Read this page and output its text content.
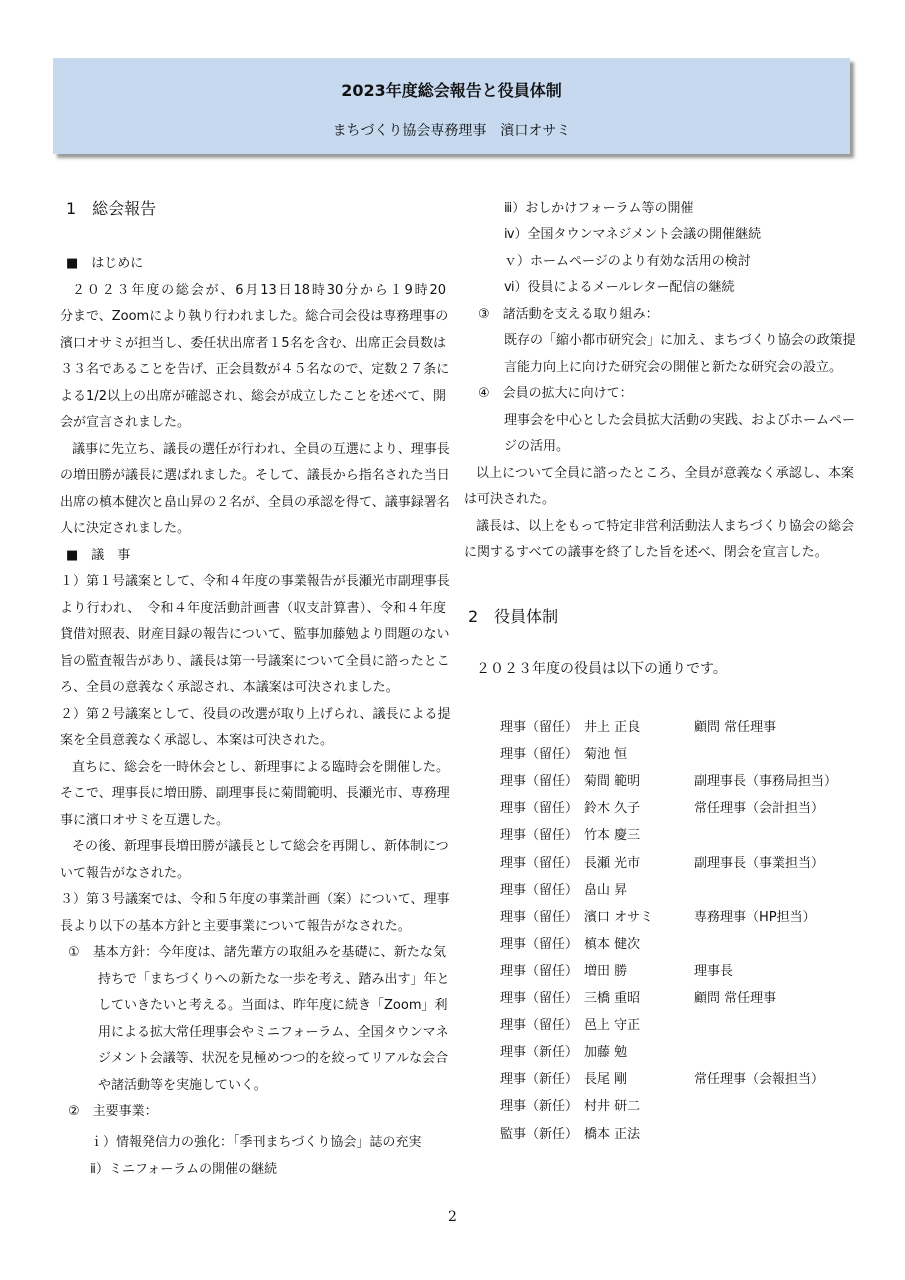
2023年度総会報告と役員体制
まちづくり協会専務理事　濱口オサミ
1　総会報告
■　はじめに
２０２３年度の総会が、6月13日18時30分から１9時20
分まで、Zoomにより執り行われました。総合司会役は専務理事の
濱口オサミが担当し、委任状出席者１5名を含む、出席正会員数は
３３名であることを告げ、正会員数が４５名なので、定数２７条に
よる1/2以上の出席が確認され、総会が成立したことを述べて、開
会が宣言されました。
議事に先立ち、議長の選任が行われ、全員の互選により、理事長
の増田勝が議長に選ばれました。そして、議長から指名された当日
出席の槙本健次と畠山昇の２名が、全員の承認を得て、議事録署名
人に決定されました。
■　議　事
１）第１号議案として、令和４年度の事業報告が長瀬光市副理事長
より行われ、　令和４年度活動計画書（収支計算書）、令和４年度
貸借対照表、財産目録の報告について、監事加藤勉より問題のない
旨の監査報告があり、議長は第一号議案について全員に諮ったとこ
ろ、全員の意義なく承認され、本議案は可決されました。
２）第２号議案として、役員の改選が取り上げられ、議長による提
案を全員意義なく承認し、本案は可決された。
直ちに、総会を一時休会とし、新理事による臨時会を開催した。
そこで、理事長に増田勝、副理事長に菊間範明、長瀬光市、専務理
事に濱口オサミを互選した。
その後、新理事長増田勝が議長として総会を再開し、新体制につ
いて報告がなされた。
３）第３号議案では、令和５年度の事業計画（案）について、理事
長より以下の基本方針と主要事業について報告がなされた。
①　基本方針：今年度は、諸先輩方の取組みを基礎に、新たな気
持ちで「まちづくりへの新たな一歩を考え、踏み出す」年と
していきたいと考える。当面は、昨年度に続き「Zoom」利
用による拡大常任理事会やミニフォーラム、全国タウンマネ
ジメント会議等、状況を見極めつつ的を絞ってリアルな会合
や諸活動等を実施していく。
②　主要事業：
ｉ）情報発信力の強化：「季刊まちづくり協会」誌の充実
ⅱ）ミニフォーラムの開催の継続
2　役員体制
２０２３年度の役員は以下の通りです。
ⅲ）おしかけフォーラム等の開催
ⅳ）全国タウンマネジメント会議の開催継続
ｖ）ホームページのより有効な活用の検討
ⅵ）役員によるメールレター配信の継続
③　諸活動を支える取り組み：
既存の「縮小都市研究会」に加え、まちづくり協会の政策提
言能力向上に向けた研究会の開催と新たな研究会の設立。
④　会員の拡大に向けて：
理事会を中心とした会員拡大活動の実践、およびホームペー
ジの活用。
以上について全員に諮ったところ、全員が意義なく承認し、本案
は可決された。
議長は、以上をもって特定非営利活動法人まちづくり協会の総会
に関するすべての議事を終了した旨を述べ、閉会を宣言した。
理事（留任） 井上 正良	顧問 常任理事
理事（留任） 菊池 恒
理事（留任） 菊間 範明	副理事長（事務局担当）
理事（留任） 鈴木 久子	常任理事（会計担当）
理事（留任） 竹本 慶三
理事（留任） 長瀬 光市	副理事長（事業担当）
理事（留任） 畠山 昇
理事（留任） 濱口 オサミ	専務理事（HP担当）
理事（留任） 槙本 健次
理事（留任） 増田 勝	理事長
理事（留任） 三橋 重昭	顧問 常任理事
理事（留任） 邑上 守正
理事（新任） 加藤 勉
理事（新任） 長尾 剛	常任理事（会報担当）
理事（新任） 村井 研二
監事（新任） 橋本 正法
2
